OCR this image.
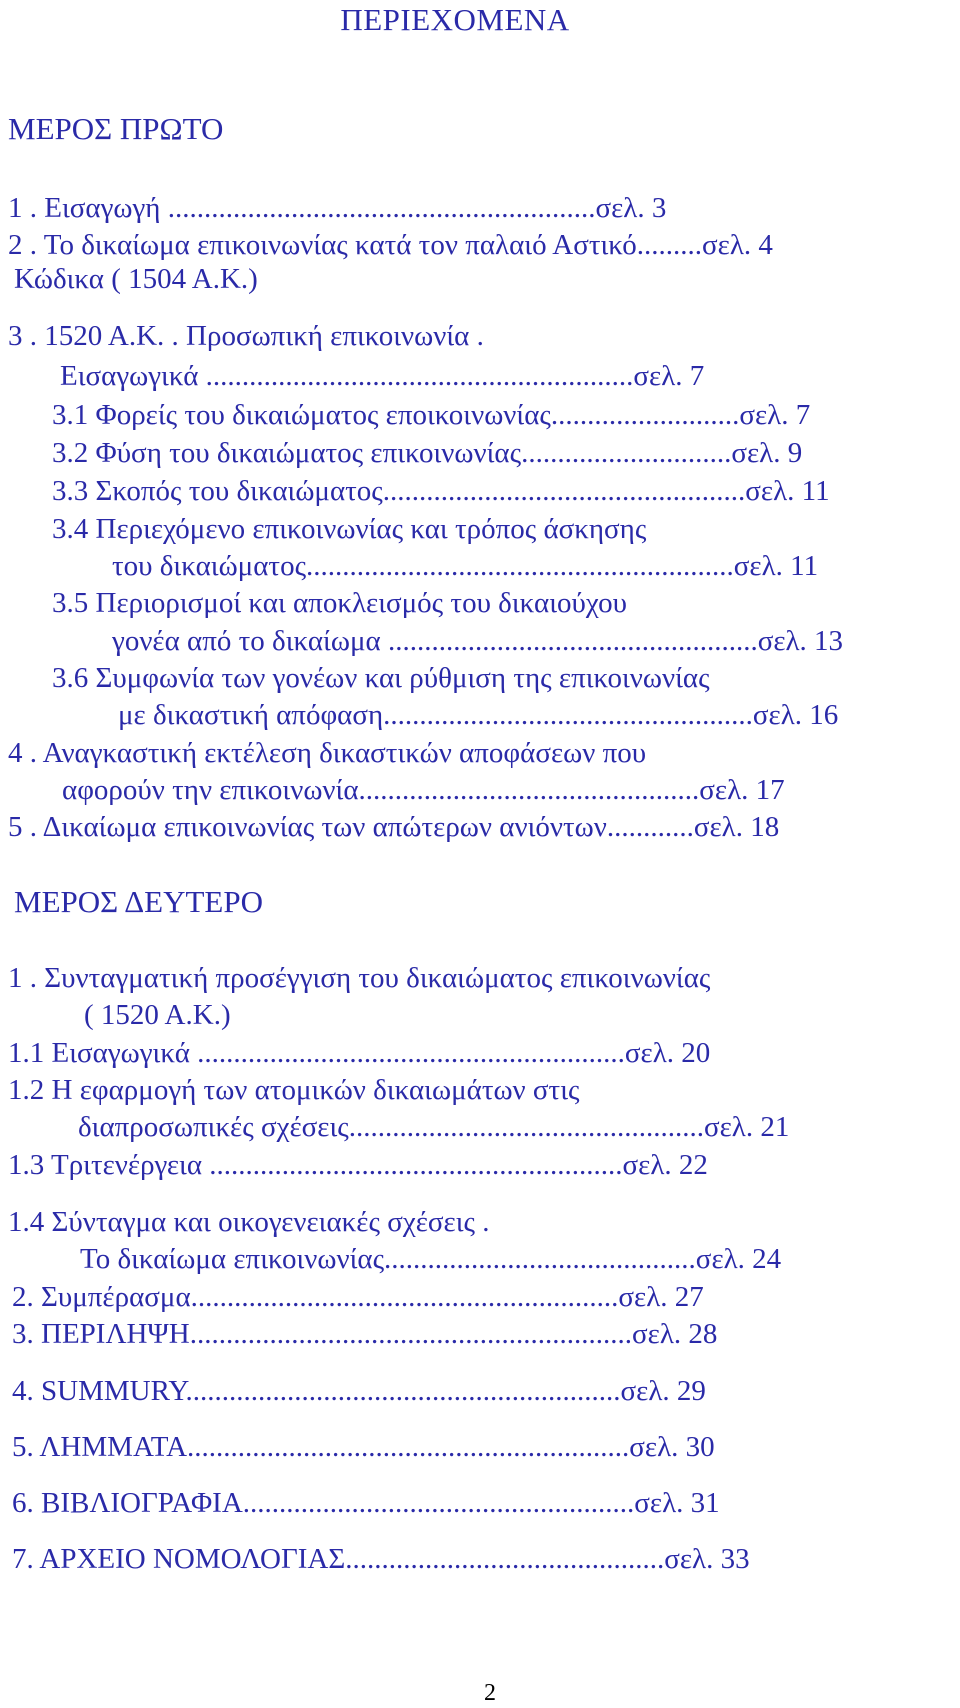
ΠΕΡΙΕΧΟΜΕΝΑ
ΜΕΡΟΣ ΠΡΩΤΟ
1 . Εισαγωγή ...........................................................σελ. 3
2 . Το δικαίωμα επικοινωνίας κατά τον παλαιό Αστικό.........σελ. 4
Κώδικα ( 1504 Α.Κ.)
3 . 1520 Α.Κ. . Προσωπική επικοινωνία .
Εισαγωγικά ...........................................................σελ. 7
3.1 Φορείς του δικαιώματος εποικοινωνίας..........................σελ. 7
3.2 Φύση του δικαιώματος επικοινωνίας.............................σελ. 9
3.3 Σκοπός του δικαιώματος..................................................σελ. 11
3.4 Περιεχόμενο επικοινωνίας και τρόπος άσκησης
του δικαιώματος...........................................................σελ. 11
3.5 Περιορισμοί και αποκλεισμός του δικαιούχου
γονέα από το δικαίωμα ...................................................σελ. 13
3.6 Συμφωνία των γονέων και ρύθμιση της επικοινωνίας
με δικαστική απόφαση...................................................σελ. 16
4 . Αναγκαστική εκτέλεση δικαστικών αποφάσεων που
αφορούν την επικοινωνία...............................................σελ. 17
5 . Δικαίωμα επικοινωνίας των απώτερων ανιόντων............σελ. 18
ΜΕΡΟΣ ΔΕΥΤΕΡΟ
1 . Συνταγματική προσέγγιση του δικαιώματος επικοινωνίας
( 1520 Α.Κ.)
1.1 Εισαγωγικά ...........................................................σελ. 20
1.2 Η εφαρμογή των ατομικών δικαιωμάτων στις
διαπροσωπικές σχέσεις.................................................σελ. 21
1.3 Τριτενέργεια .........................................................σελ. 22
1.4 Σύνταγμα και οικογενειακές σχέσεις .
Το δικαίωμα επικοινωνίας...........................................σελ. 24
2. Συμπέρασμα...........................................................σελ. 27
3. ΠΕΡΙΛΗΨΗ.............................................................σελ. 28
4. SUMMURY............................................................σελ. 29
5. ΛΗΜΜΑΤΑ.............................................................σελ. 30
6. ΒΙΒΛΙΟΓΡΑΦΙΑ......................................................σελ. 31
7. ΑΡΧΕΙΟ ΝΟΜΟΛΟΓΙΑΣ............................................σελ. 33
2
